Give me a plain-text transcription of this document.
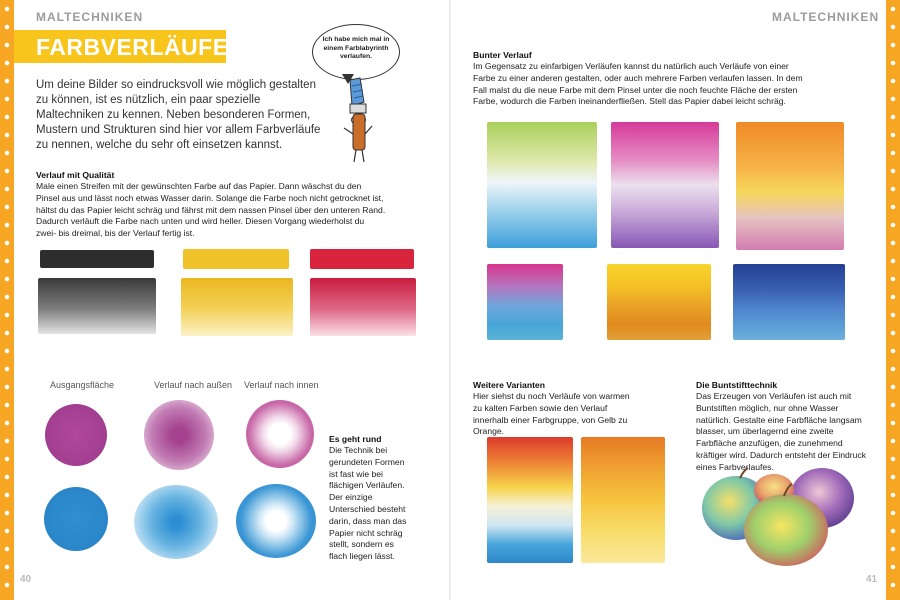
MALTECHNIKEN
FARBVERLÄUFE
Um deine Bilder so eindrucksvoll wie möglich gestalten zu können, ist es nützlich, ein paar spezielle Maltechniken zu kennen. Neben besonderen Formen, Mustern und Strukturen sind hier vor allem Farbverläufe zu nennen, welche du sehr oft einsetzen kannst.
Ich habe mich mal in einem Farblabyrinth verlaufen.
Verlauf mit Qualität
Male einen Streifen mit der gewünschten Farbe auf das Papier. Dann wäschst du den Pinsel aus und lässt noch etwas Wasser darin. Solange die Farbe noch nicht getrocknet ist, hältst du das Papier leicht schräg und fährst mit dem nassen Pinsel über den unteren Rand. Dadurch verläuft die Farbe nach unten und wird heller. Diesen Vorgang wiederholst du zwei- bis dreimal, bis der Verlauf fertig ist.
Ausgangsfläche	Verlauf nach außen Verlauf nach innen
Es geht rund
Die Technik bei gerundeten Formen ist fast wie bei flächigen Verläufen. Der einzige Unterschied besteht darin, dass man das Papier nicht schräg stellt, sondern es flach liegen lässt.
40
MALTECHNIKEN
Bunter Verlauf
Im Gegensatz zu einfarbigen Verläufen kannst du natürlich auch Verläufe von einer Farbe zu einer anderen gestalten, oder auch mehrere Farben verlaufen lassen. In dem Fall malst du die neue Farbe mit dem Pinsel unter die noch feuchte Fläche der ersten Farbe, wodurch die Farben ineinanderfließen. Stell das Papier dabei leicht schräg.
Weitere Varianten
Hier siehst du noch Verläufe von warmen zu kalten Farben sowie den Verlauf innerhalb einer Farbgruppe, von Gelb zu Orange.
Die Buntstifttechnik
Das Erzeugen von Verläufen ist auch mit Buntstiften möglich, nur ohne Wasser natürlich. Gestalte eine Farbfläche langsam blasser, um überlagernd eine zweite Farbfläche anzufügen, die zunehmend kräftiger wird. Dadurch entsteht der Eindruck eines Farbverlaufes.
41
